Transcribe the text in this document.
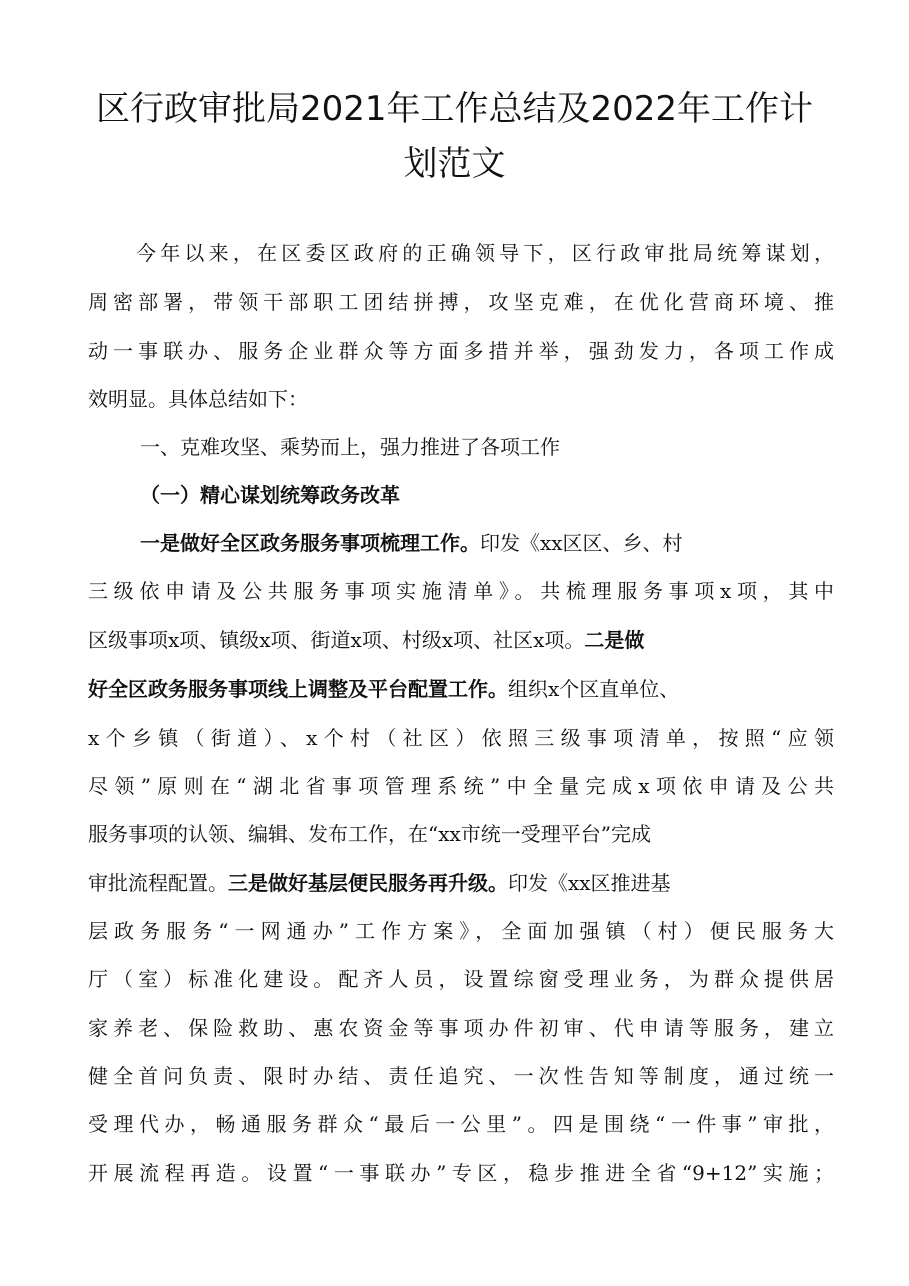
区行政审批局2021年工作总结及2022年工作计
划范文
今年以来，在区委区政府的正确领导下，区行政审批局统筹谋划，
周密部署，带领干部职工团结拼搏，攻坚克难，在优化营商环境、推
动一事联办、服务企业群众等方面多措并举，强劲发力，各项工作成
效明显。具体总结如下：
一、克难攻坚、乘势而上，强力推进了各项工作
（一）精心谋划统筹政务改革
一是做好全区政务服务事项梳理工作。印发《xx区区、乡、村
三级依申请及公共服务事项实施清单》。共梳理服务事项x项，其中
区级事项x项、镇级x项、街道x项、村级x项、社区x项。二是做
好全区政务服务事项线上调整及平台配置工作。组织x个区直单位、
x个乡镇（街道）、x个村（社区）依照三级事项清单，按照“应领
尽领”原则在“湖北省事项管理系统”中全量完成x项依申请及公共
服务事项的认领、编辑、发布工作，在“xx市统一受理平台”完成
审批流程配置。三是做好基层便民服务再升级。印发《xx区推进基
层政务服务“一网通办”工作方案》，全面加强镇（村）便民服务大
厅（室）标准化建设。配齐人员，设置综窗受理业务，为群众提供居
家养老、保险救助、惠农资金等事项办件初审、代申请等服务，建立
健全首问负责、限时办结、责任追究、一次性告知等制度，通过统一
受理代办，畅通服务群众“最后一公里”。四是围绕“一件事”审批，
开展流程再造。设置“一事联办”专区，稳步推进全省“9+12”实施；
